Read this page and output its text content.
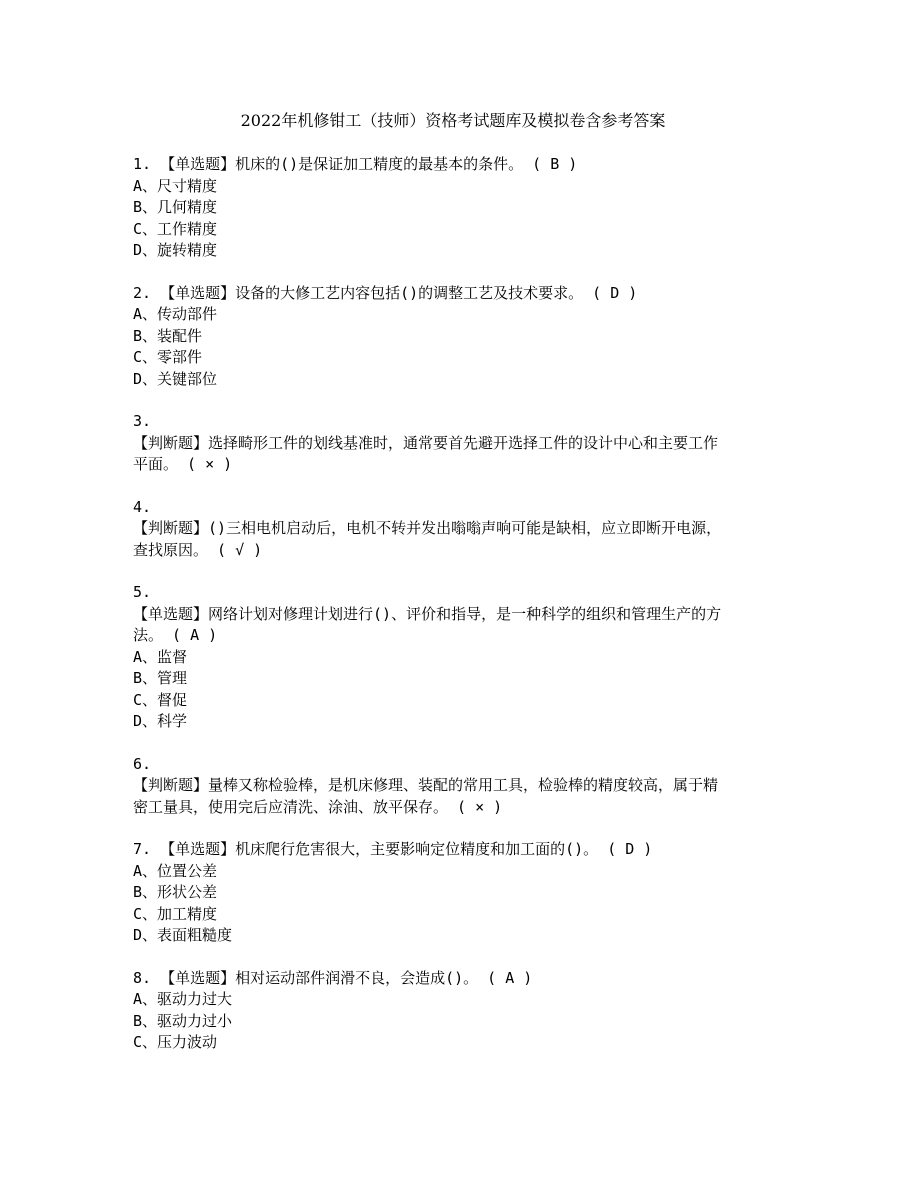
2022年机修钳工（技师）资格考试题库及模拟卷含参考答案
1. 【单选题】机床的()是保证加工精度的最基本的条件。 ( B )
A、尺寸精度
B、几何精度
C、工作精度
D、旋转精度
2. 【单选题】设备的大修工艺内容包括()的调整工艺及技术要求。 ( D )
A、传动部件
B、装配件
C、零部件
D、关键部位
3.
【判断题】选择畸形工件的划线基准时，通常要首先避开选择工件的设计中心和主要工作
平面。 ( × )
4.
【判断题】()三相电机启动后，电机不转并发出嗡嗡声响可能是缺相，应立即断开电源，
查找原因。 ( √ )
5.
【单选题】网络计划对修理计划进行()、评价和指导，是一种科学的组织和管理生产的方
法。 ( A )
A、监督
B、管理
C、督促
D、科学
6.
【判断题】量棒又称检验棒，是机床修理、装配的常用工具，检验棒的精度较高，属于精
密工量具，使用完后应清洗、涂油、放平保存。 ( × )
7. 【单选题】机床爬行危害很大，主要影响定位精度和加工面的()。 ( D )
A、位置公差
B、形状公差
C、加工精度
D、表面粗糙度
8. 【单选题】相对运动部件润滑不良，会造成()。 ( A )
A、驱动力过大
B、驱动力过小
C、压力波动
